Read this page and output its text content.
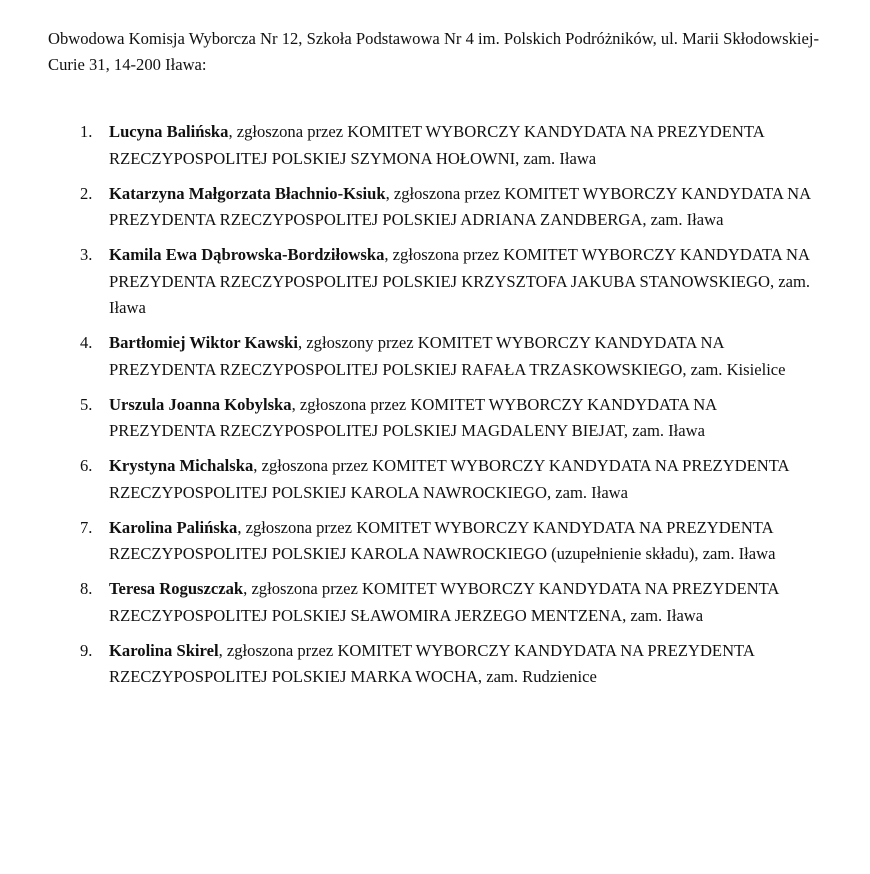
Obwodowa Komisja Wyborcza Nr 12, Szkoła Podstawowa Nr 4 im. Polskich Podróżników, ul. Marii Skłodowskiej-Curie 31, 14-200 Iława:

1. Lucyna Balińska, zgłoszona przez KOMITET WYBORCZY KANDYDATA NA PREZYDENTA RZECZYPOSPOLITEJ POLSKIEJ SZYMONA HOŁOWNI, zam. Iława
2. Katarzyna Małgorzata Błachnio-Ksiuk, zgłoszona przez KOMITET WYBORCZY KANDYDATA NA PREZYDENTA RZECZYPOSPOLITEJ POLSKIEJ ADRIANA ZANDBERGA, zam. Iława
3. Kamila Ewa Dąbrowska-Bordziłowska, zgłoszona przez KOMITET WYBORCZY KANDYDATA NA PREZYDENTA RZECZYPOSPOLITEJ POLSKIEJ KRZYSZTOFA JAKUBA STANOWSKIEGO, zam. Iława
4. Bartłomiej Wiktor Kawski, zgłoszony przez KOMITET WYBORCZY KANDYDATA NA PREZYDENTA RZECZYPOSPOLITEJ POLSKIEJ RAFAŁA TRZASKOWSKIEGO, zam. Kisielice
5. Urszula Joanna Kobylska, zgłoszona przez KOMITET WYBORCZY KANDYDATA NA PREZYDENTA RZECZYPOSPOLITEJ POLSKIEJ MAGDALENY BIEJAT, zam. Iława
6. Krystyna Michalska, zgłoszona przez KOMITET WYBORCZY KANDYDATA NA PREZYDENTA RZECZYPOSPOLITEJ POLSKIEJ KAROLA NAWROCKIEGO, zam. Iława
7. Karolina Palińska, zgłoszona przez KOMITET WYBORCZY KANDYDATA NA PREZYDENTA RZECZYPOSPOLITEJ POLSKIEJ KAROLA NAWROCKIEGO (uzupełnienie składu), zam. Iława
8. Teresa Roguszczak, zgłoszona przez KOMITET WYBORCZY KANDYDATA NA PREZYDENTA RZECZYPOSPOLITEJ POLSKIEJ SŁAWOMIRA JERZEGO MENTZENA, zam. Iława
9. Karolina Skirel, zgłoszona przez KOMITET WYBORCZY KANDYDATA NA PREZYDENTA RZECZYPOSPOLITEJ POLSKIEJ MARKA WOCHA, zam. Rudzienice
